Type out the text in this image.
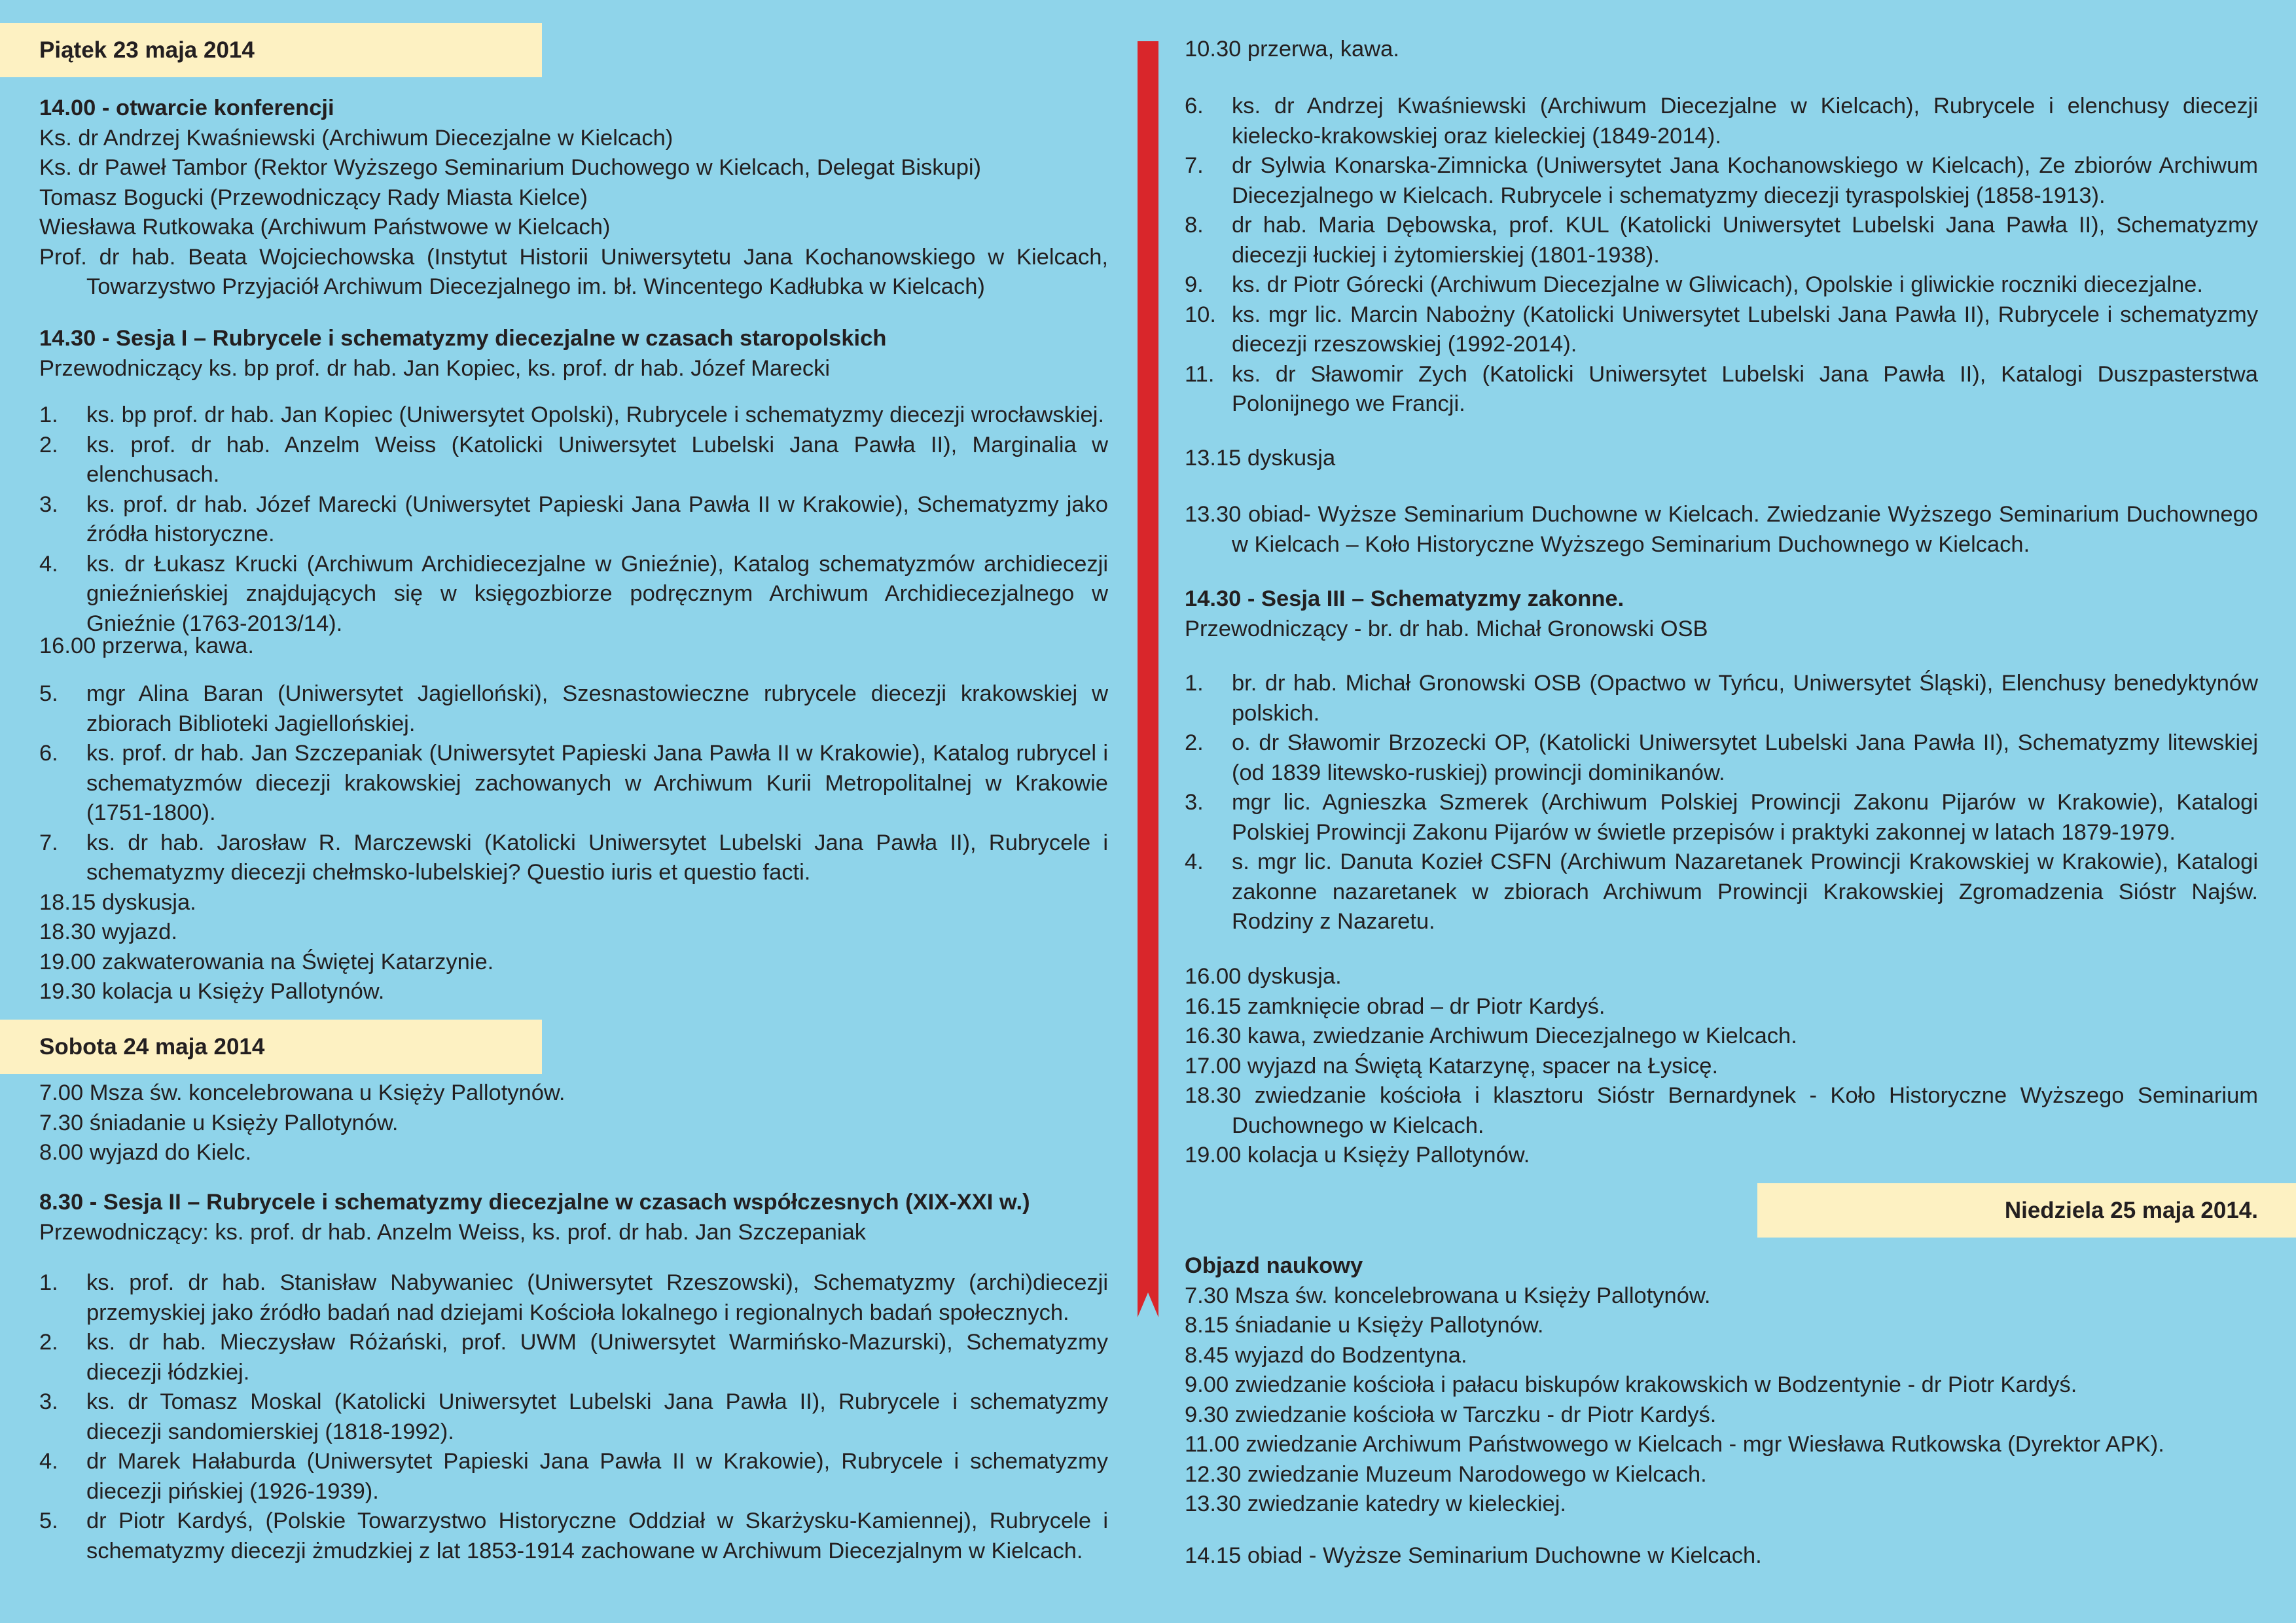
Piątek 23 maja 2014

14.00 - otwarcie konferencji

Ks. dr Andrzej Kwaśniewski (Archiwum Diecezjalne w Kielcach)

Ks. dr Paweł Tambor (Rektor Wyższego Seminarium Duchowego w Kielcach, Delegat Biskupi)

Tomasz Bogucki (Przewodniczący Rady Miasta Kielce)

Wiesława Rutkowaka (Archiwum Państwowe w Kielcach)

Prof. dr hab. Beata Wojciechowska (Instytut Historii Uniwersytetu Jana Kochanowskiego w Kielcach, Towarzystwo Przyjaciół Archiwum Diecezjalnego im. bł. Wincentego Kadłubka w Kielcach)

14.30 - Sesja I – Rubrycele i schematyzmy diecezjalne w czasach staropolskich

Przewodniczący ks. bp prof. dr hab. Jan Kopiec, ks. prof. dr hab. Józef Marecki

1. ks. bp prof. dr hab. Jan Kopiec (Uniwersytet Opolski), Rubrycele i schematyzmy diecezji wrocławskiej.
2. ks. prof. dr hab. Anzelm Weiss (Katolicki Uniwersytet Lubelski Jana Pawła II), Marginalia w elenchusach.
3. ks. prof. dr hab. Józef Marecki (Uniwersytet Papieski Jana Pawła II w Krakowie), Schematyzmy jako źródła historyczne.
4. ks. dr Łukasz Krucki (Archiwum Archidiecezjalne w Gnieźnie), Katalog schematyzmów archidiecezji gnieźnieńskiej znajdujących się w księgozbiorze podręcznym Archiwum Archidiecezjalnego w Gnieźnie (1763-2013/14).

16.00 przerwa, kawa.

5. mgr Alina Baran (Uniwersytet Jagielloński), Szesnastowieczne rubrycele diecezji krakowskiej w zbiorach Biblioteki Jagiellońskiej.
6. ks. prof. dr hab. Jan Szczepaniak (Uniwersytet Papieski Jana Pawła II w Krakowie), Katalog rubrycel i schematyzmów diecezji krakowskiej zachowanych w Archiwum Kurii Metropolitalnej w Krakowie (1751-1800).
7. ks. dr hab. Jarosław R. Marczewski (Katolicki Uniwersytet Lubelski Jana Pawła II), Rubrycele i schematyzmy diecezji chełmsko-lubelskiej? Questio iuris et questio facti.

18.15 dyskusja.

18.30 wyjazd.

19.00 zakwaterowania na Świętej Katarzynie.

19.30 kolacja u Księży Pallotynów.

Sobota 24 maja 2014

7.00 Msza św. koncelebrowana u Księży Pallotynów.

7.30 śniadanie u Księży Pallotynów.

8.00 wyjazd do Kielc.

8.30 - Sesja II – Rubrycele i schematyzmy diecezjalne w czasach współczesnych (XIX-XXI w.)

Przewodniczący: ks. prof. dr hab. Anzelm Weiss, ks. prof. dr hab. Jan Szczepaniak

1. ks. prof. dr hab. Stanisław Nabywaniec (Uniwersytet Rzeszowski), Schematyzmy (archi)diecezji przemyskiej jako źródło badań nad dziejami Kościoła lokalnego i regionalnych badań społecznych.
2. ks. dr hab. Mieczysław Różański, prof. UWM (Uniwersytet Warmińsko-Mazurski), Schematyzmy diecezji łódzkiej.
3. ks. dr Tomasz Moskal (Katolicki Uniwersytet Lubelski Jana Pawła II), Rubrycele i schematyzmy diecezji sandomierskiej (1818-1992).
4. dr Marek Hałaburda (Uniwersytet Papieski Jana Pawła II w Krakowie), Rubrycele i schematyzmy diecezji pińskiej (1926-1939).
5. dr Piotr Kardyś, (Polskie Towarzystwo Historyczne Oddział w Skarżysku-Kamiennej), Rubrycele i schematyzmy diecezji żmudzkiej z lat 1853-1914 zachowane w Archiwum Diecezjalnym w Kielcach.

10.30 przerwa, kawa.

6. ks. dr Andrzej Kwaśniewski (Archiwum Diecezjalne w Kielcach), Rubrycele i elenchusy diecezji kielecko-krakowskiej oraz kieleckiej (1849-2014).
7. dr Sylwia Konarska-Zimnicka (Uniwersytet Jana Kochanowskiego w Kielcach), Ze zbiorów Archiwum Diecezjalnego w Kielcach. Rubrycele i schematyzmy diecezji tyraspolskiej (1858-1913).
8. dr hab. Maria Dębowska, prof. KUL (Katolicki Uniwersytet Lubelski Jana Pawła II), Schematyzmy diecezji łuckiej i żytomierskiej (1801-1938).
9. ks. dr Piotr Górecki (Archiwum Diecezjalne w Gliwicach), Opolskie i gliwickie roczniki diecezjalne.
10. ks. mgr lic. Marcin Nabożny (Katolicki Uniwersytet Lubelski Jana Pawła II), Rubrycele i schematyzmy diecezji rzeszowskiej (1992-2014).
11. ks. dr Sławomir Zych (Katolicki Uniwersytet Lubelski Jana Pawła II), Katalogi Duszpasterstwa Polonijnego we Francji.

13.15 dyskusja

13.30 obiad- Wyższe Seminarium Duchowne w Kielcach. Zwiedzanie Wyższego Seminarium Duchownego w Kielcach – Koło Historyczne Wyższego Seminarium Duchownego w Kielcach.

14.30 - Sesja III – Schematyzmy zakonne.

Przewodniczący - br. dr hab. Michał Gronowski OSB

1. br. dr hab. Michał Gronowski OSB (Opactwo w Tyńcu, Uniwersytet Śląski), Elenchusy benedyktynów polskich.
2. o. dr Sławomir Brzozecki OP, (Katolicki Uniwersytet Lubelski Jana Pawła II), Schematyzmy litewskiej (od 1839 litewsko-ruskiej) prowincji dominikanów.
3. mgr lic. Agnieszka Szmerek (Archiwum Polskiej Prowincji Zakonu Pijarów w Krakowie), Katalogi Polskiej Prowincji Zakonu Pijarów w świetle przepisów i praktyki zakonnej w latach 1879-1979.
4. s. mgr lic. Danuta Kozieł CSFN (Archiwum Nazaretanek Prowincji Krakowskiej w Krakowie), Katalogi zakonne nazaretanek w zbiorach Archiwum Prowincji Krakowskiej Zgromadzenia Sióstr Najśw. Rodziny z Nazaretu.

16.00 dyskusja.

16.15 zamknięcie obrad – dr Piotr Kardyś.

16.30 kawa, zwiedzanie Archiwum Diecezjalnego w Kielcach.

17.00 wyjazd na Świętą Katarzynę, spacer na Łysicę.

18.30 zwiedzanie kościoła i klasztoru Sióstr Bernardynek - Koło Historyczne Wyższego Seminarium Duchownego w Kielcach.

19.00 kolacja u Księży Pallotynów.

Niedziela 25 maja 2014.

Objazd naukowy

7.30 Msza św. koncelebrowana u Księży Pallotynów.

8.15 śniadanie u Księży Pallotynów.

8.45 wyjazd do Bodzentyna.

9.00 zwiedzanie kościoła i pałacu biskupów krakowskich w Bodzentynie - dr Piotr Kardyś.

9.30 zwiedzanie kościoła w Tarczku - dr Piotr Kardyś.

11.00 zwiedzanie Archiwum Państwowego w Kielcach - mgr Wiesława Rutkowska (Dyrektor APK).

12.30 zwiedzanie Muzeum Narodowego w Kielcach.

13.30 zwiedzanie katedry w kieleckiej.

14.15 obiad - Wyższe Seminarium Duchowne w Kielcach.
